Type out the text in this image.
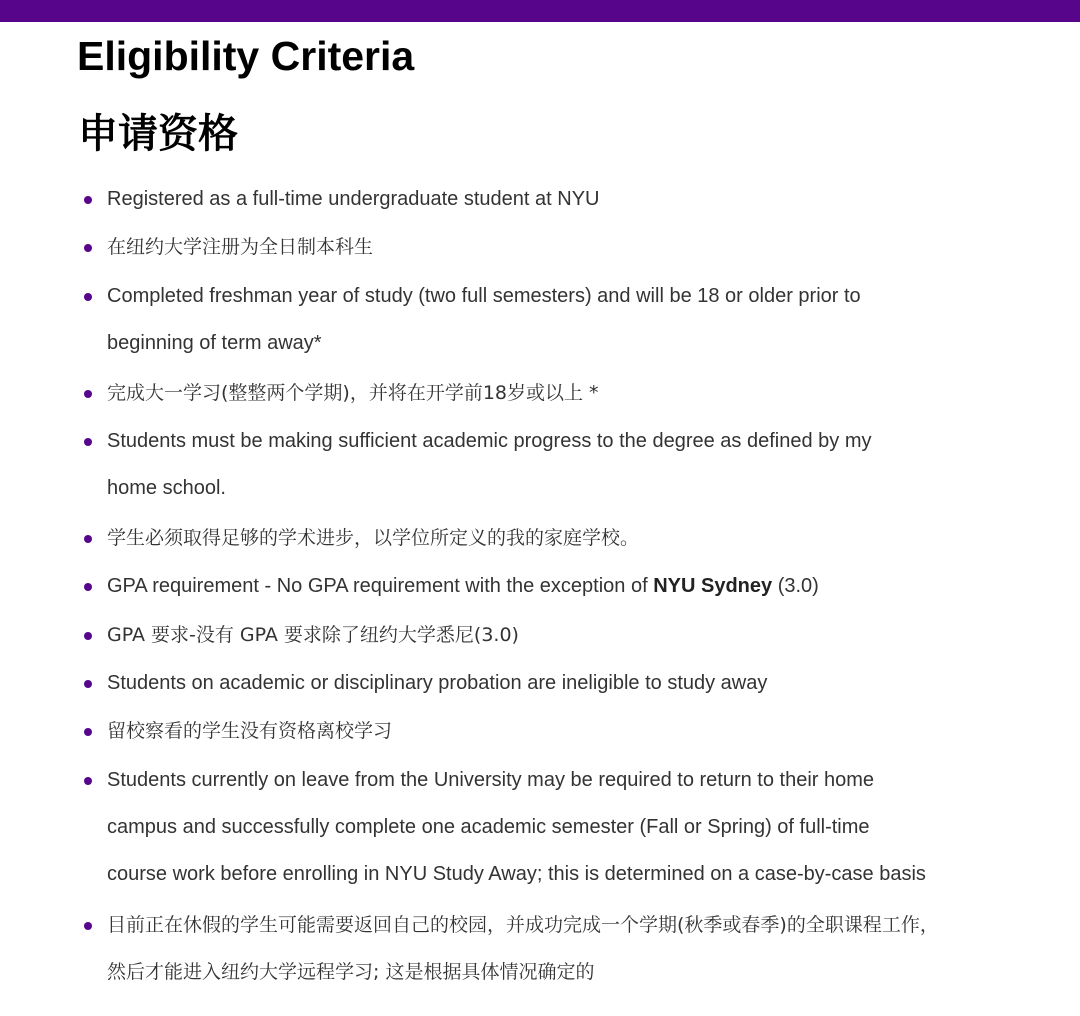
Eligibility Criteria
申请资格
Registered as a full-time undergraduate student at NYU
在纽约大学注册为全日制本科生
Completed freshman year of study (two full semesters) and will be 18 or older prior to
beginning of term away*
完成大一学习(整整两个学期)，并将在开学前18岁或以上 *
Students must be making sufficient academic progress to the degree as defined by my
home school.
学生必须取得足够的学术进步，以学位所定义的我的家庭学校。
GPA requirement - No GPA requirement with the exception of NYU Sydney (3.0)
GPA 要求-没有 GPA 要求除了纽约大学悉尼(3.0)
Students on academic or disciplinary probation are ineligible to study away
留校察看的学生没有资格离校学习
Students currently on leave from the University may be required to return to their home
campus and successfully complete one academic semester (Fall or Spring) of full-time
course work before enrolling in NYU Study Away; this is determined on a case-by-case basis
目前正在休假的学生可能需要返回自己的校园，并成功完成一个学期(秋季或春季)的全职课程工作，
然后才能进入纽约大学远程学习; 这是根据具体情况确定的
